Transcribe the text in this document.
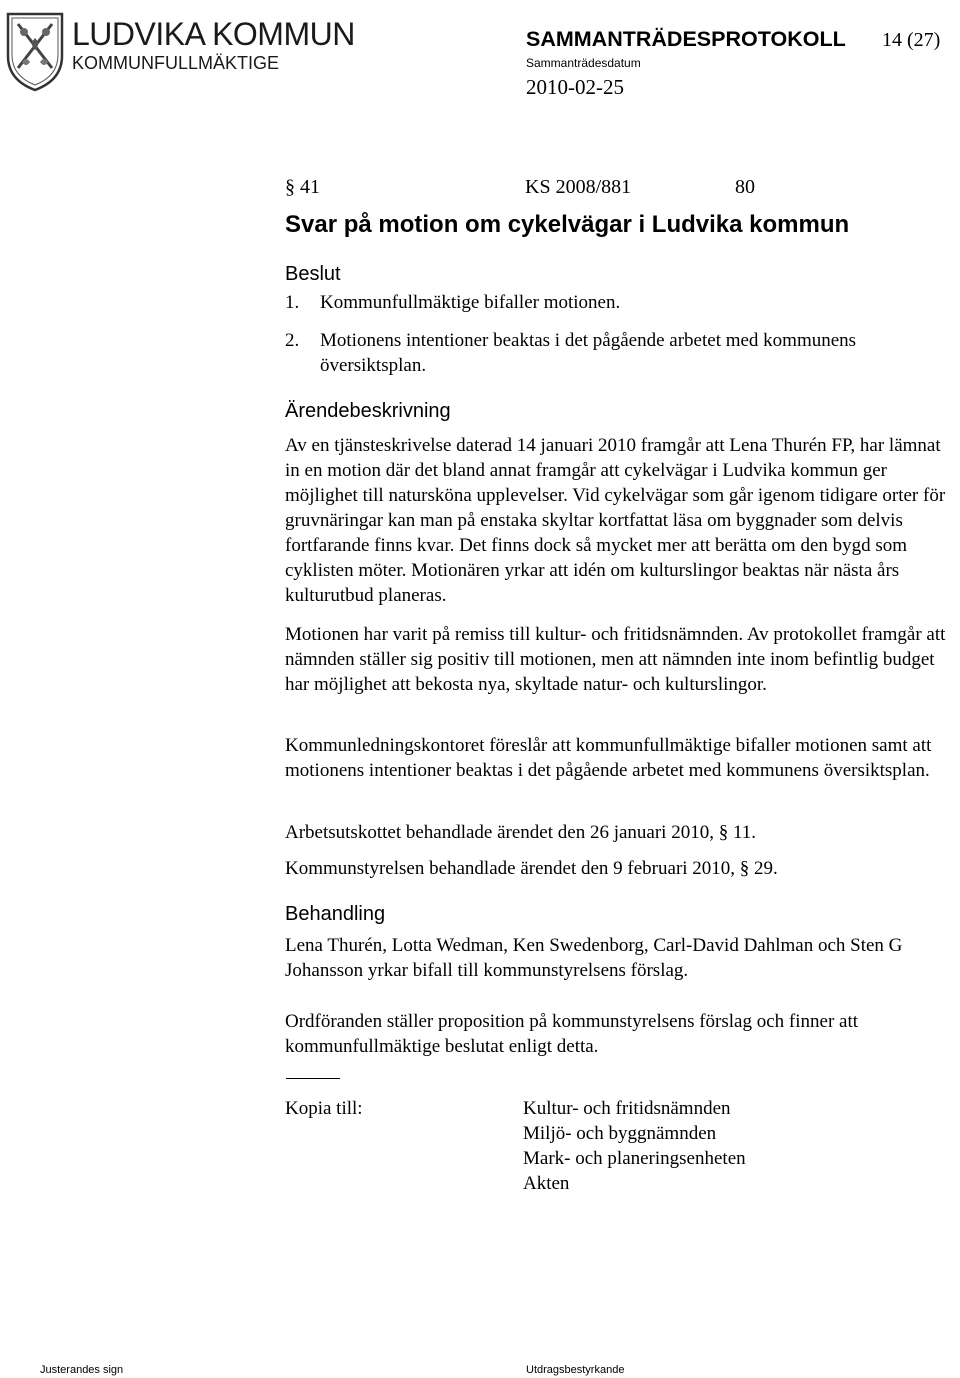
LUDVIKA KOMMUN
KOMMUNFULLMÄKTIGE
SAMMANTRÄDESPROTOKOLL 14 (27)
Sammanträdesdatum
2010-02-25
§ 41	KS 2008/881	80
Svar på motion om cykelvägar i Ludvika kommun
Beslut
1. Kommunfullmäktige bifaller motionen.
2. Motionens intentioner beaktas i det pågående arbetet med kommunens översiktsplan.
Ärendebeskrivning

Av en tjänsteskrivelse daterad 14 januari 2010 framgår att Lena Thurén FP, har lämnat in en motion där det bland annat framgår att cykelvägar i Ludvika kommun ger möjlighet till natursköna upplevelser. Vid cykelvägar som går igenom tidigare orter för gruvnäringar kan man på enstaka skyltar kortfattat läsa om byggnader som delvis fortfarande finns kvar. Det finns dock så mycket mer att berätta om den bygd som cyklisten möter. Motionären yrkar att idén om kulturslingor beaktas när nästa års kulturutbud planeras.

Motionen har varit på remiss till kultur- och fritidsnämnden. Av protokollet framgår att nämnden ställer sig positiv till motionen, men att nämnden inte inom befintlig budget har möjlighet att bekosta nya, skyltade natur- och kulturslingor.

Kommunledningskontoret föreslår att kommunfullmäktige bifaller motionen samt att motionens intentioner beaktas i det pågående arbetet med kommunens översiktsplan.

Arbetsutskottet behandlade ärendet den 26 januari 2010, § 11.

Kommunstyrelsen behandlade ärendet den 9 februari 2010, § 29.

Behandling

Lena Thurén, Lotta Wedman, Ken Swedenborg, Carl-David Dahlman och Sten G Johansson yrkar bifall till kommunstyrelsens förslag.

Ordföranden ställer proposition på kommunstyrelsens förslag och finner att kommunfullmäktige beslutat enligt detta.

Kopia till:	Kultur- och fritidsnämnden
Miljö- och byggnämnden
Mark- och planeringsenheten
Akten
Justerandes sign	Utdragsbestyrkande
